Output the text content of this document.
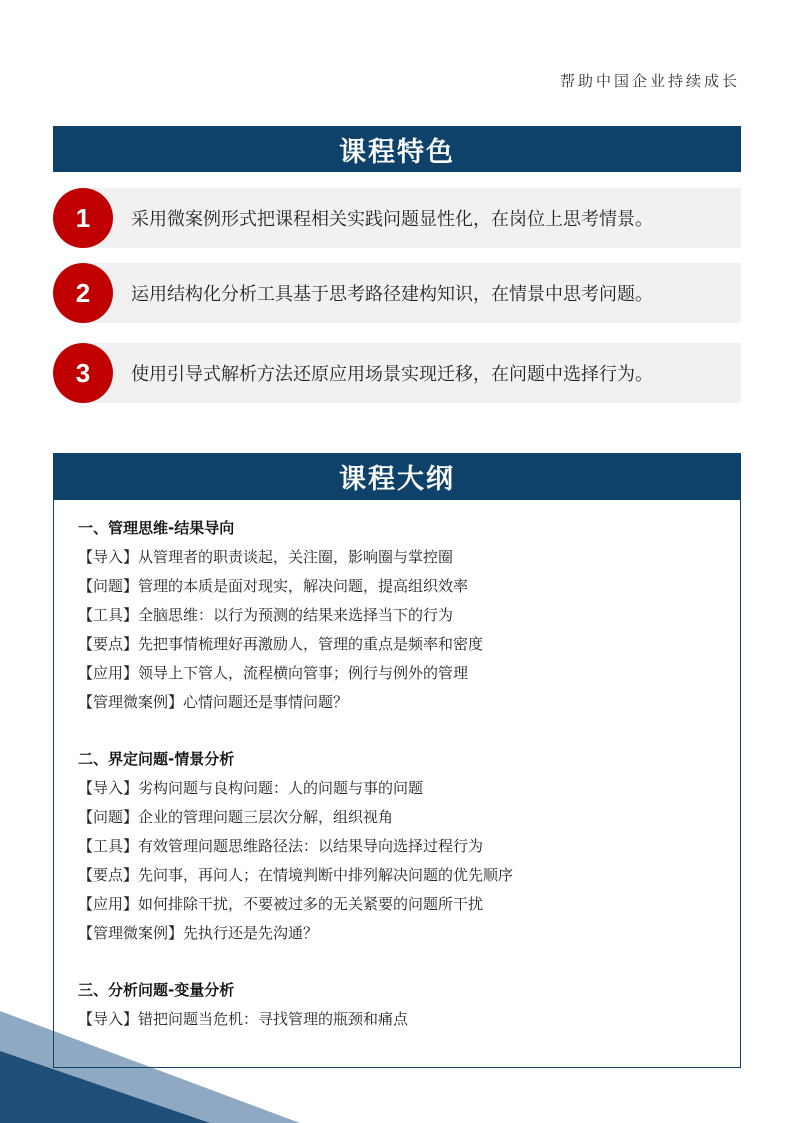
帮助中国企业持续成长
课程特色
1	采用微案例形式把课程相关实践问题显性化，在岗位上思考情景。
2	运用结构化分析工具基于思考路径建构知识，在情景中思考问题。
3	使用引导式解析方法还原应用场景实现迁移，在问题中选择行为。
课程大纲
一、管理思维-结果导向
【导入】从管理者的职责谈起，关注圈，影响圈与掌控圈
【问题】管理的本质是面对现实，解决问题，提高组织效率
【工具】全脑思维：以行为预测的结果来选择当下的行为
【要点】先把事情梳理好再激励人，管理的重点是频率和密度
【应用】领导上下管人，流程横向管事；例行与例外的管理
【管理微案例】心情问题还是事情问题？
二、界定问题-情景分析
【导入】劣构问题与良构问题：人的问题与事的问题
【问题】企业的管理问题三层次分解，组织视角
【工具】有效管理问题思维路径法：以结果导向选择过程行为
【要点】先问事，再问人；在情境判断中排列解决问题的优先顺序
【应用】如何排除干扰，不要被过多的无关紧要的问题所干扰
【管理微案例】先执行还是先沟通？
三、分析问题-变量分析
【导入】错把问题当危机：寻找管理的瓶颈和痛点
